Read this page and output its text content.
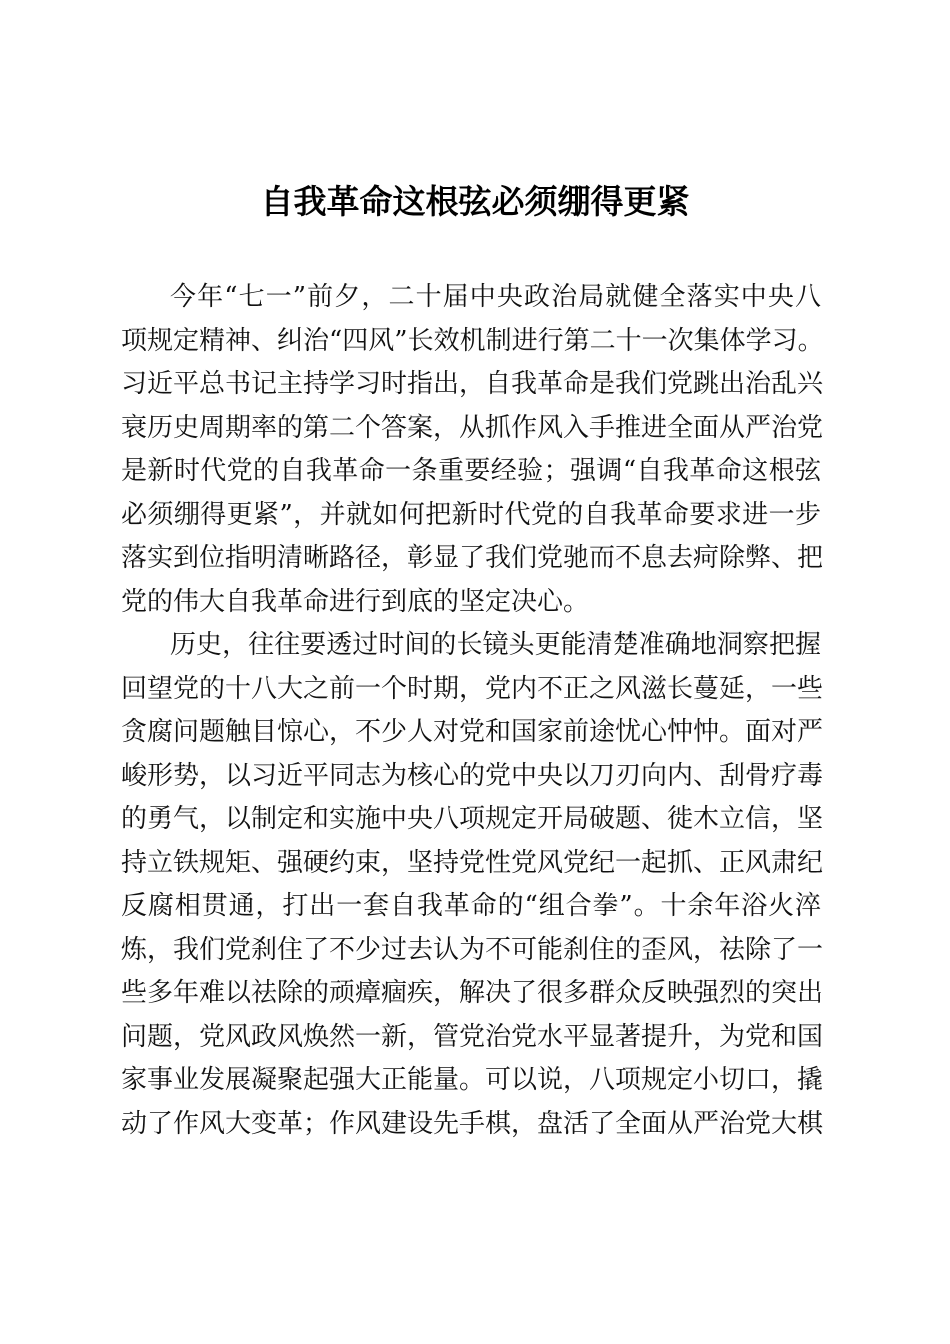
自我革命这根弦必须绷得更紧

今年“七一”前夕，二十届中央政治局就健全落实中央八
项规定精神、纠治“四风”长效机制进行第二十一次集体学习。
习近平总书记主持学习时指出，自我革命是我们党跳出治乱兴
衰历史周期率的第二个答案，从抓作风入手推进全面从严治党
是新时代党的自我革命一条重要经验；强调“自我革命这根弦
必须绷得更紧”，并就如何把新时代党的自我革命要求进一步
落实到位指明清晰路径，彰显了我们党驰而不息去疴除弊、把
党的伟大自我革命进行到底的坚定决心。

历史，往往要透过时间的长镜头更能清楚准确地洞察把握
回望党的十八大之前一个时期，党内不正之风滋长蔓延，一些
贪腐问题触目惊心，不少人对党和国家前途忧心忡忡。面对严
峻形势，以习近平同志为核心的党中央以刀刃向内、刮骨疗毒
的勇气，以制定和实施中央八项规定开局破题、徙木立信，坚
持立铁规矩、强硬约束，坚持党性党风党纪一起抓、正风肃纪
反腐相贯通，打出一套自我革命的“组合拳”。十余年浴火淬
炼，我们党刹住了不少过去认为不可能刹住的歪风，祛除了一
些多年难以祛除的顽瘴痼疾，解决了很多群众反映强烈的突出
问题，党风政风焕然一新，管党治党水平显著提升，为党和国
家事业发展凝聚起强大正能量。可以说，八项规定小切口，撬
动了作风大变革；作风建设先手棋，盘活了全面从严治党大棋
